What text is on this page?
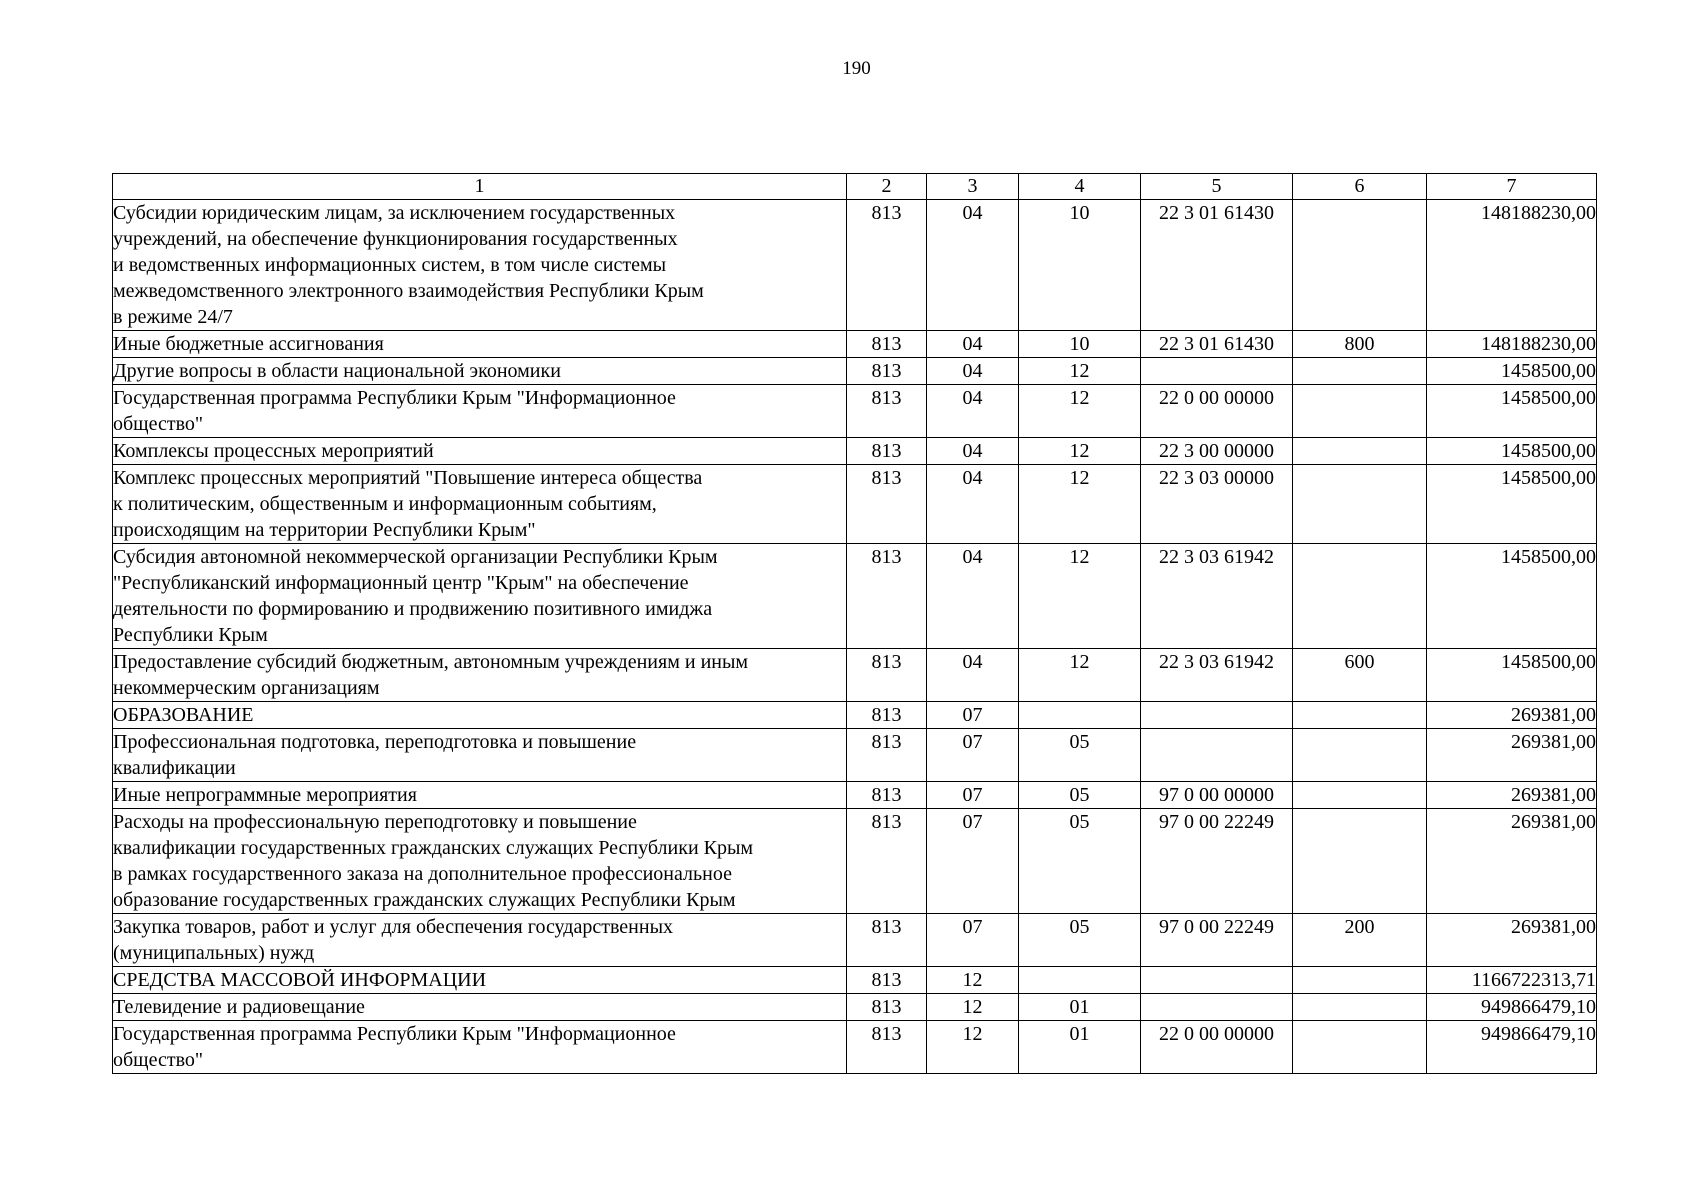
190
1	2	3	4	5	6	7
Субсидии юридическим лицам, за исключением государственных
учреждений, на обеспечение функционирования государственных
и ведомственных информационных систем, в том числе системы
межведомственного электронного взаимодействия Республики Крым
в режиме 24/7	813	04	10	22 3 01 61430		148188230,00
Иные бюджетные ассигнования	813	04	10	22 3 01 61430	800	148188230,00
Другие вопросы в области национальной экономики	813	04	12			1458500,00
Государственная программа Республики Крым "Информационное
общество"	813	04	12	22 0 00 00000		1458500,00
Комплексы процессных мероприятий	813	04	12	22 3 00 00000		1458500,00
Комплекс процессных мероприятий "Повышение интереса общества
к политическим, общественным и информационным событиям,
происходящим на территории Республики Крым"	813	04	12	22 3 03 00000		1458500,00
Субсидия автономной некоммерческой организации Республики Крым
"Республиканский информационный центр "Крым" на обеспечение
деятельности по формированию и продвижению позитивного имиджа
Республики Крым	813	04	12	22 3 03 61942		1458500,00
Предоставление субсидий бюджетным, автономным учреждениям и иным
некоммерческим организациям	813	04	12	22 3 03 61942	600	1458500,00
ОБРАЗОВАНИЕ	813	07				269381,00
Профессиональная подготовка, переподготовка и повышение
квалификации	813	07	05			269381,00
Иные непрограммные мероприятия	813	07	05	97 0 00 00000		269381,00
Расходы на профессиональную переподготовку и повышение
квалификации государственных гражданских служащих Республики Крым
в рамках государственного заказа на дополнительное профессиональное
образование государственных гражданских служащих Республики Крым	813	07	05	97 0 00 22249		269381,00
Закупка товаров, работ и услуг для обеспечения государственных
(муниципальных) нужд	813	07	05	97 0 00 22249	200	269381,00
СРЕДСТВА МАССОВОЙ ИНФОРМАЦИИ	813	12				1166722313,71
Телевидение и радиовещание	813	12	01			949866479,10
Государственная программа Республики Крым "Информационное
общество"	813	12	01	22 0 00 00000		949866479,10
